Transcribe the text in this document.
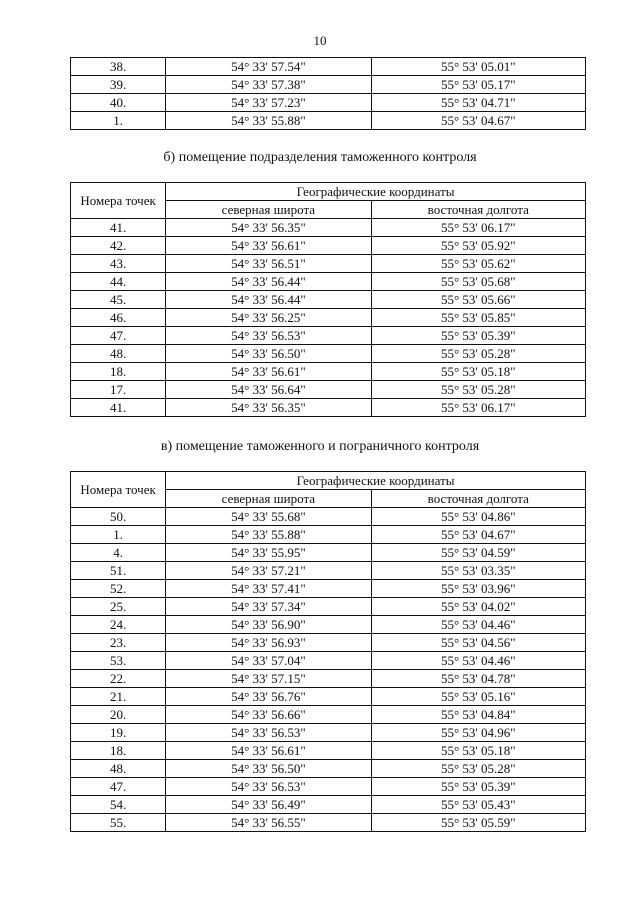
10
38.	54° 33' 57.54"	55° 53' 05.01"
39.	54° 33' 57.38"	55° 53' 05.17"
40.	54° 33' 57.23"	55° 53' 04.71"
1.	54° 33' 55.88"	55° 53' 04.67"
б) помещение подразделения таможенного контроля
Номера точек	Географические координаты	
	северная широта	восточная долгота
41.	54° 33' 56.35"	55° 53' 06.17"
42.	54° 33' 56.61"	55° 53' 05.92"
43.	54° 33' 56.51"	55° 53' 05.62"
44.	54° 33' 56.44"	55° 53' 05.68"
45.	54° 33' 56.44"	55° 53' 05.66"
46.	54° 33' 56.25"	55° 53' 05.85"
47.	54° 33' 56.53"	55° 53' 05.39"
48.	54° 33' 56.50"	55° 53' 05.28"
18.	54° 33' 56.61"	55° 53' 05.18"
17.	54° 33' 56.64"	55° 53' 05.28"
41.	54° 33' 56.35"	55° 53' 06.17"
в) помещение таможенного и пограничного контроля
Номера точек	Географические координаты	
	северная широта	восточная долгота
50.	54° 33' 55.68"	55° 53' 04.86"
1.	54° 33' 55.88"	55° 53' 04.67"
4.	54° 33' 55.95"	55° 53' 04.59"
51.	54° 33' 57.21"	55° 53' 03.35"
52.	54° 33' 57.41"	55° 53' 03.96"
25.	54° 33' 57.34"	55° 53' 04.02"
24.	54° 33' 56.90"	55° 53' 04.46"
23.	54° 33' 56.93"	55° 53' 04.56"
53.	54° 33' 57.04"	55° 53' 04.46"
22.	54° 33' 57.15"	55° 53' 04.78"
21.	54° 33' 56.76"	55° 53' 05.16"
20.	54° 33' 56.66"	55° 53' 04.84"
19.	54° 33' 56.53"	55° 53' 04.96"
18.	54° 33' 56.61"	55° 53' 05.18"
48.	54° 33' 56.50"	55° 53' 05.28"
47.	54° 33' 56.53"	55° 53' 05.39"
54.	54° 33' 56.49"	55° 53' 05.43"
55.	54° 33' 56.55"	55° 53' 05.59"
